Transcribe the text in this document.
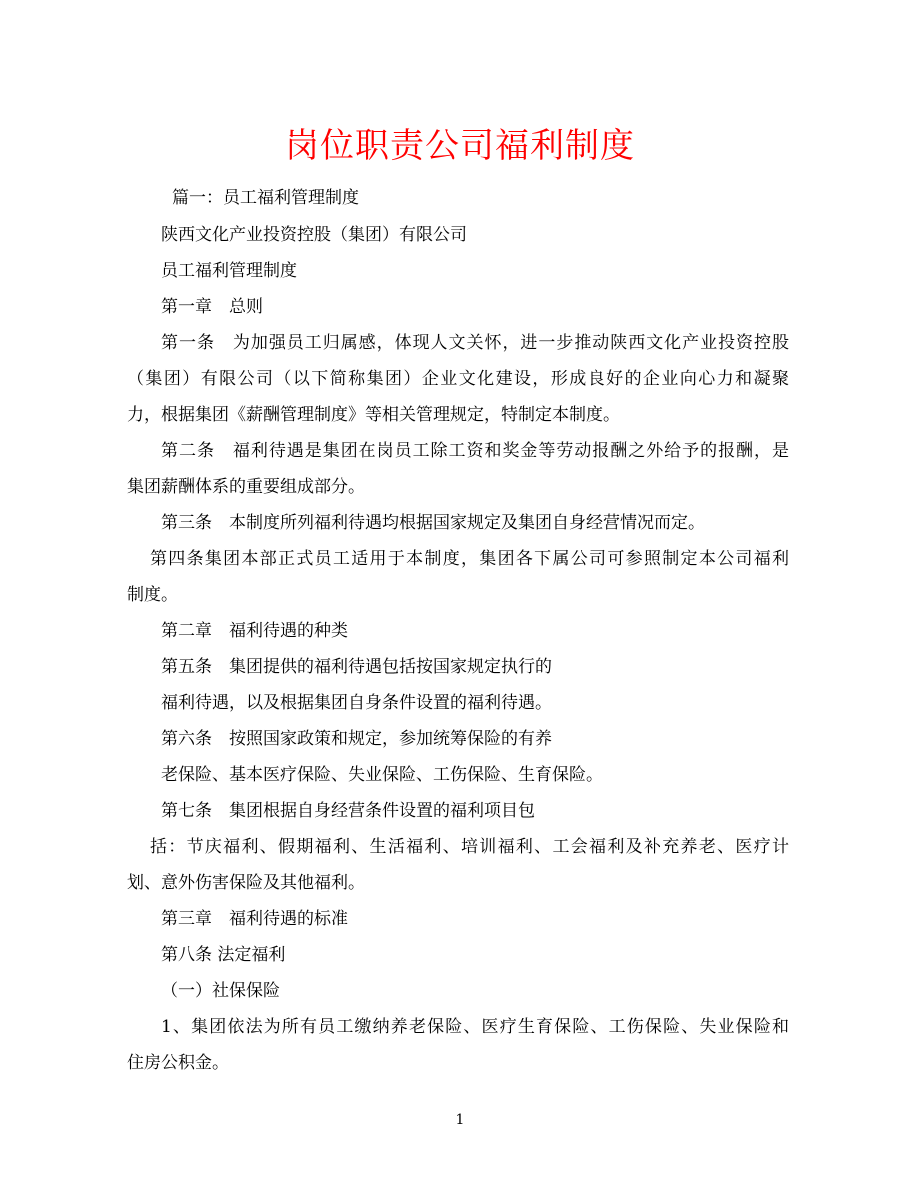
岗位职责公司福利制度
篇一：员工福利管理制度
陕西文化产业投资控股（集团）有限公司
员工福利管理制度
第一章　总则
第一条　为加强员工归属感，体现人文关怀，进一步推动陕西文化产业投资控股
（集团）有限公司（以下简称集团）企业文化建设，形成良好的企业向心力和凝聚
力，根据集团《薪酬管理制度》等相关管理规定，特制定本制度。
第二条　福利待遇是集团在岗员工除工资和奖金等劳动报酬之外给予的报酬，是
集团薪酬体系的重要组成部分。
第三条　本制度所列福利待遇均根据国家规定及集团自身经营情况而定。
第四条集团本部正式员工适用于本制度，集团各下属公司可参照制定本公司福利
制度。
第二章　福利待遇的种类
第五条　集团提供的福利待遇包括按国家规定执行的
福利待遇，以及根据集团自身条件设置的福利待遇。
第六条　按照国家政策和规定，参加统筹保险的有养
老保险、基本医疗保险、失业保险、工伤保险、生育保险。
第七条　集团根据自身经营条件设置的福利项目包
括：节庆福利、假期福利、生活福利、培训福利、工会福利及补充养老、医疗计
划、意外伤害保险及其他福利。
第三章　福利待遇的标准
第八条 法定福利
（一）社保保险
1、集团依法为所有员工缴纳养老保险、医疗生育保险、工伤保险、失业保险和
住房公积金。
1
